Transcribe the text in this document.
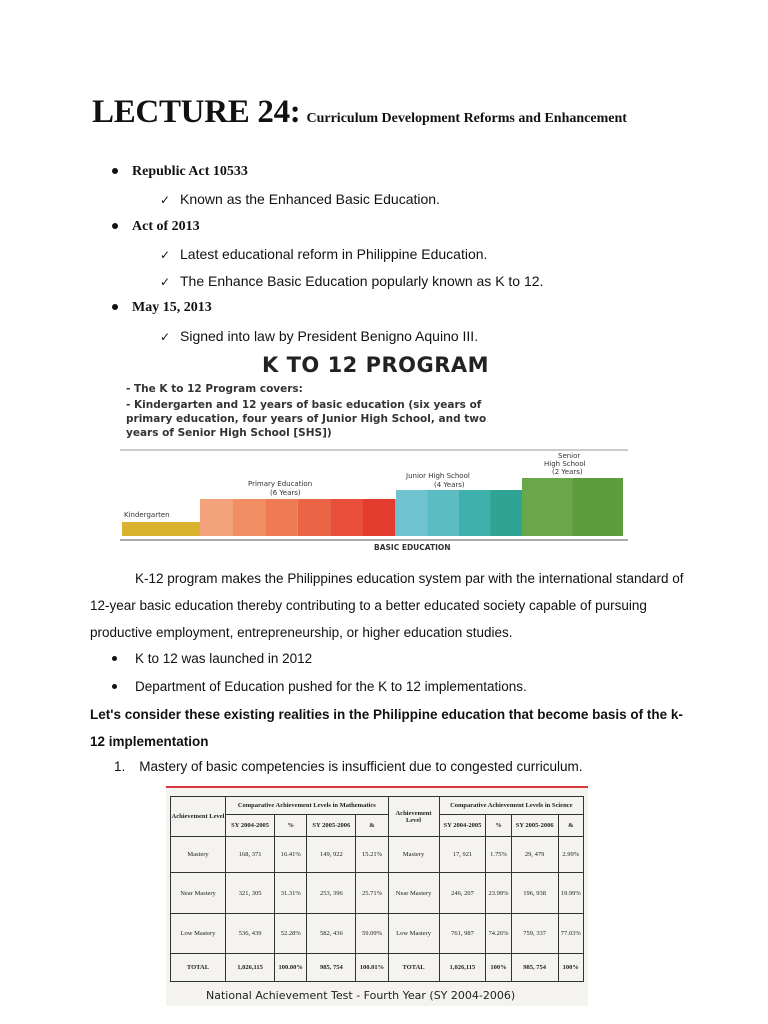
LECTURE 24: Curriculum Development Reforms and Enhancement
Republic Act 10533
✓ Known as the Enhanced Basic Education.
Act of 2013
✓ Latest educational reform in Philippine Education.
✓ The Enhance Basic Education popularly known as K to 12.
May 15, 2013
✓ Signed into law by President Benigno Aquino III.
K TO 12 PROGRAM
- The K to 12 Program covers:
- Kindergarten and 12 years of basic education (six years of
primary education, four years of Junior High School, and two
years of Senior High School [SHS])
Kindergarten
Primary Education
(6 Years)
Junior High School
(4 Years)
Senior
High School
(2 Years)
BASIC EDUCATION
K-12 program makes the Philippines education system par with the international standard of 12-year basic education thereby contributing to a better educated society capable of pursuing productive employment, entrepreneurship, or higher education studies.
K to 12 was launched in 2012
Department of Education pushed for the K to 12 implementations.
Let's consider these existing realities in the Philippine education that become basis of the k-12 implementation
1. Mastery of basic competencies is insufficient due to congested curriculum.
Achievement Level	Comparative Achievement Levels in Mathematics				Achievement Level	Comparative Achievement Levels in Science			
	SY 2004-2005	%	SY 2005-2006	&		SY 2004-2005	%	SY 2005-2006	&
Mastery	168, 371	16.41%	149, 922	15.21%	Mastery	17, 921	1.75%	29, 479	2.99%
Near Mastery	321, 305	31.31%	253, 396	25.71%	Near Mastery	246, 207	23.99%	196, 938	19.99%
Low Mastery	536, 439	52.28%	582, 436	59.09%	Low Mastery	761, 987	74.26%	759, 337	77.03%
TOTAL	1,026,115	100.00%	985, 754	100.01%	TOTAL	1,026,115	100%	985, 754	100%
National Achievement Test - Fourth Year (SY 2004-2006)
